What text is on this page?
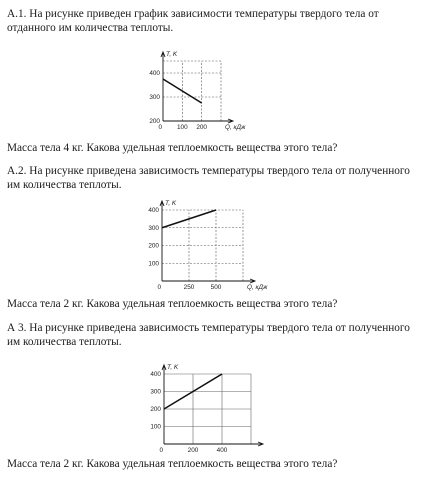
А.1. На рисунке приведен график зависимости температуры твердого тела от отданного им количества теплоты.

200
300
400
0 100 200
T, K
Q, кДж

Масса тела 4 кг. Какова удельная теплоемкость вещества этого тела?

А.2. На рисунке приведена зависимость температуры твердого тела от полученного им количества теплоты.

100
200
300
400
0	250	500
T, K
Q, кДж

Масса тела 2 кг. Какова удельная теплоемкость вещества этого тела?

А 3. На рисунке приведена зависимость температуры твердого тела от полученного им количества теплоты.

100
200
300
400
0	200	400
T, K

Масса тела 2 кг. Какова удельная теплоемкость вещества этого тела?
